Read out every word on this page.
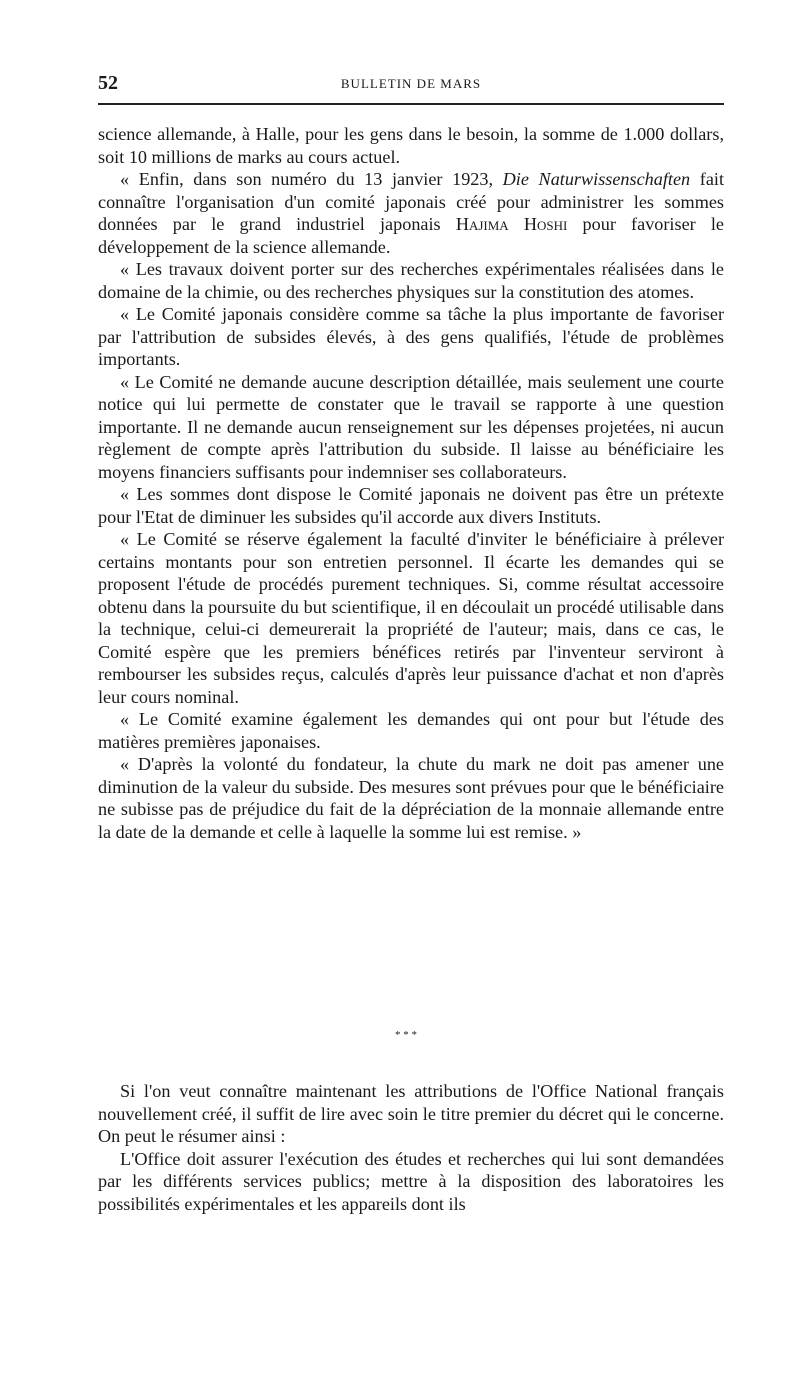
52	BULLETIN DE MARS

science allemande, à Halle, pour les gens dans le besoin, la somme de 1.000 dollars, soit 10 millions de marks au cours actuel.

« Enfin, dans son numéro du 13 janvier 1923, Die Naturwissenschaften fait connaître l'organisation d'un comité japonais créé pour administrer les sommes données par le grand industriel japonais Hajima Hoshi pour favoriser le développement de la science allemande.

« Les travaux doivent porter sur des recherches expérimentales réalisées dans le domaine de la chimie, ou des recherches physiques sur la constitution des atomes.

« Le Comité japonais considère comme sa tâche la plus importante de favoriser par l'attribution de subsides élevés, à des gens qualifiés, l'étude de problèmes importants.

« Le Comité ne demande aucune description détaillée, mais seulement une courte notice qui lui permette de constater que le travail se rapporte à une question importante. Il ne demande aucun renseignement sur les dépenses projetées, ni aucun règlement de compte après l'attribution du subside. Il laisse au bénéficiaire les moyens financiers suffisants pour indemniser ses collaborateurs.

« Les sommes dont dispose le Comité japonais ne doivent pas être un prétexte pour l'Etat de diminuer les subsides qu'il accorde aux divers Instituts.

« Le Comité se réserve également la faculté d'inviter le bénéficiaire à prélever certains montants pour son entretien personnel. Il écarte les demandes qui se proposent l'étude de procédés purement techniques. Si, comme résultat accessoire obtenu dans la poursuite du but scientifique, il en découlait un procédé utilisable dans la technique, celui-ci demeurerait la propriété de l'auteur; mais, dans ce cas, le Comité espère que les premiers bénéfices retirés par l'inventeur serviront à rembourser les subsides reçus, calculés d'après leur puissance d'achat et non d'après leur cours nominal.

« Le Comité examine également les demandes qui ont pour but l'étude des matières premières japonaises.

« D'après la volonté du fondateur, la chute du mark ne doit pas amener une diminution de la valeur du subside. Des mesures sont prévues pour que le bénéficiaire ne subisse pas de préjudice du fait de la dépréciation de la monnaie allemande entre la date de la demande et celle à laquelle la somme lui est remise. »

* * *

Si l'on veut connaître maintenant les attributions de l'Office National français nouvellement créé, il suffit de lire avec soin le titre premier du décret qui le concerne. On peut le résumer ainsi :

L'Office doit assurer l'exécution des études et recherches qui lui sont demandées par les différents services publics; mettre à la disposition des laboratoires les possibilités expérimentales et les appareils dont ils
